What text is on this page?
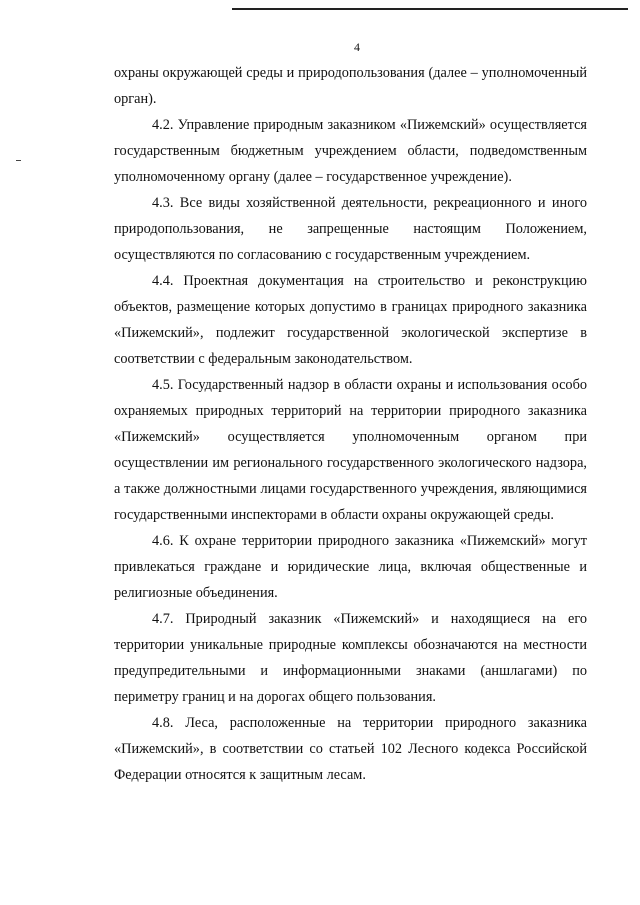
4

охраны окружающей среды и природопользования (далее – уполномоченный орган).

4.2. Управление природным заказником «Пижемский» осуществляется государственным бюджетным учреждением области, подведомственным уполномоченному органу (далее – государственное учреждение).

4.3. Все виды хозяйственной деятельности, рекреационного и иного природопользования, не запрещенные настоящим Положением, осуществляются по согласованию с государственным учреждением.

4.4. Проектная документация на строительство и реконструкцию объектов, размещение которых допустимо в границах природного заказника «Пижемский», подлежит государственной экологической экспертизе в соответствии с федеральным законодательством.

4.5. Государственный надзор в области охраны и использования особо охраняемых природных территорий на территории природного заказника «Пижемский» осуществляется уполномоченным органом при осуществлении им регионального государственного экологического надзора, а также должностными лицами государственного учреждения, являющимися государственными инспекторами в области охраны окружающей среды.

4.6. К охране территории природного заказника «Пижемский» могут привлекаться граждане и юридические лица, включая общественные и религиозные объединения.

4.7. Природный заказник «Пижемский» и находящиеся на его территории уникальные природные комплексы обозначаются на местности предупредительными и информационными знаками (аншлагами) по периметру границ и на дорогах общего пользования.

4.8. Леса, расположенные на территории природного заказника «Пижемский», в соответствии со статьей 102 Лесного кодекса Российской Федерации относятся к защитным лесам.
